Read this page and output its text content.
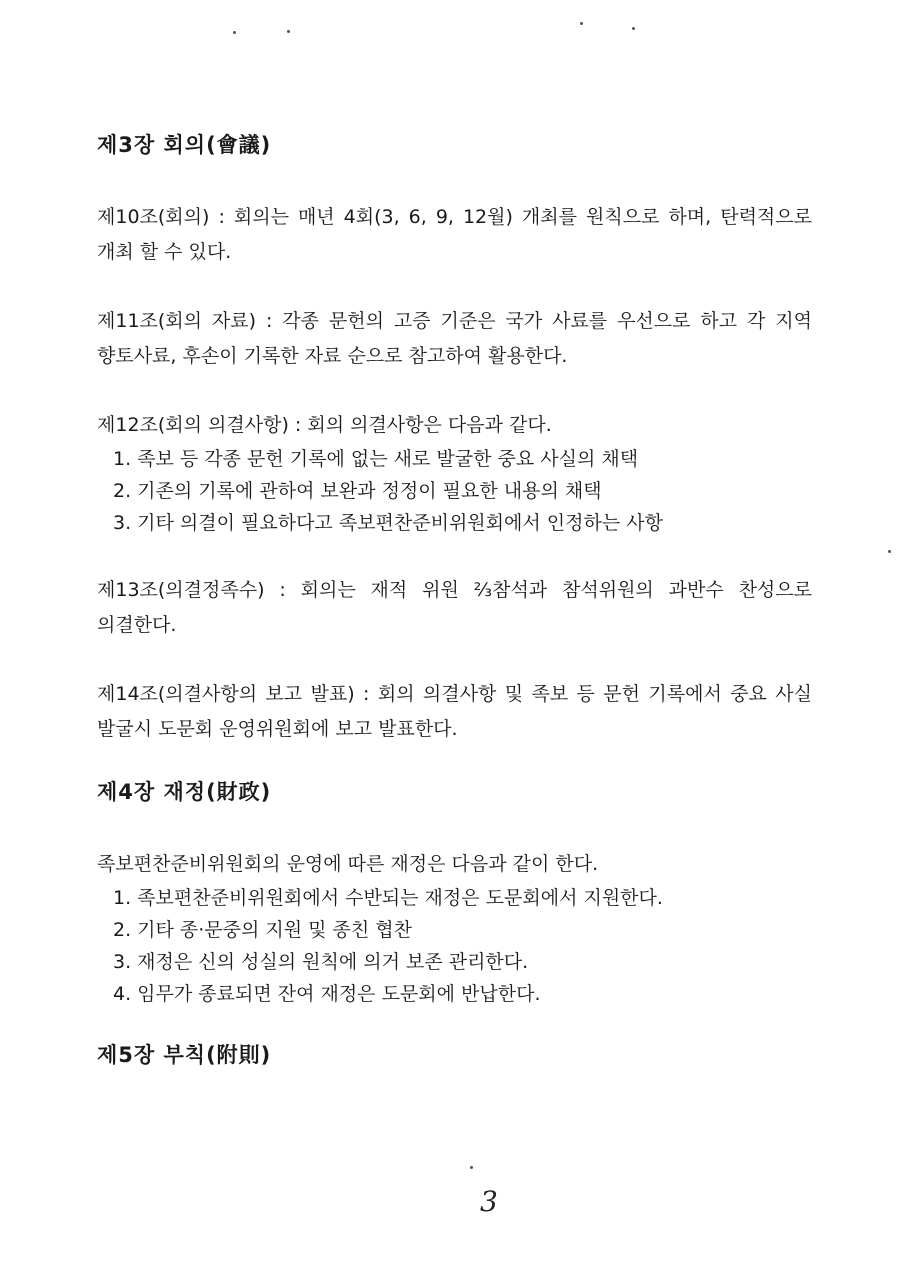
제3장 회의(會議)

제10조(회의) : 회의는 매년 4회(3, 6, 9, 12월) 개최를 원칙으로 하며, 탄력적으로 개최 할 수 있다.

제11조(회의 자료) : 각종 문헌의 고증 기준은 국가 사료를 우선으로 하고 각 지역 향토사료, 후손이 기록한 자료 순으로 참고하여 활용한다.

제12조(회의 의결사항) : 회의 의결사항은 다음과 같다.

1. 족보 등 각종 문헌 기록에 없는 새로 발굴한 중요 사실의 채택
2. 기존의 기록에 관하여 보완과 정정이 필요한 내용의 채택
3. 기타 의결이 필요하다고 족보편찬준비위원회에서 인정하는 사항

제13조(의결정족수) : 회의는 재적 위원 ⅔참석과 참석위원의 과반수 찬성으로 의결한다.

제14조(의결사항의 보고 발표) : 회의 의결사항 및 족보 등 문헌 기록에서 중요 사실 발굴시 도문회 운영위원회에 보고 발표한다.

제4장 재정(財政)

족보편찬준비위원회의 운영에 따른 재정은 다음과 같이 한다.

1. 족보편찬준비위원회에서 수반되는 재정은 도문회에서 지원한다.
2. 기타 종·문중의 지원 및 종친 협찬
3. 재정은 신의 성실의 원칙에 의거 보존 관리한다.
4. 임무가 종료되면 잔여 재정은 도문회에 반납한다.
제5장 부칙(附則)
3
